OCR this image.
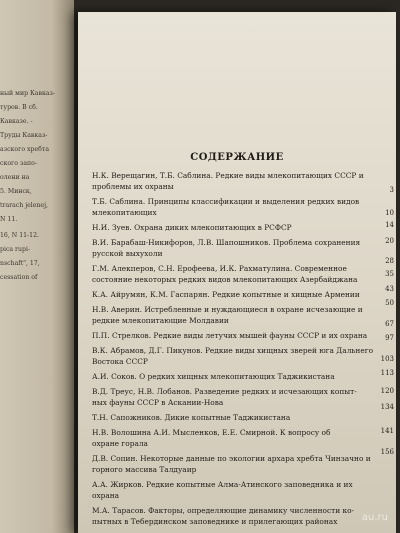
ный мир Кавказ-
туров. В сб.
Кавказе. -
Труды Кавказ-
азского хребта
ского запо-
олени на
5. Минск,
trarach jelenej,
N 11.
16, N 11-12.
pica rupi-
nschaft", 17,
cessation of
СОДЕРЖАНИЕ
Н.К. Верещагин, Т.Б. Саблина. Редкие виды млекопитающих СССР и
проблемы их охраны
Т.Б. Саблина. Принципы классификации и выделения редких видов
млекопитающих
Н.И. Зуев. Охрана диких млекопитающих в РСФСР
В.И. Барабаш-Никифоров, Л.В. Шапошников. Проблема сохранения
русской выхухоли
Г.М. Алекперов, С.Н. Ерофеева, И.К. Рахматулина. Современное
состояние некоторых редких видов млекопитающих Азербайджана
К.А. Айрумян, К.М. Гаспарян. Редкие копытные и хищные Армении
Н.В. Аверин. Истребленные и нуждающиеся в охране исчезающие и
редкие млекопитающие Молдавии
П.П. Стрелков. Редкие виды летучих мышей фауны СССР и их охрана
В.К. Абрамов, Д.Г. Пикунов. Редкие виды хищных зверей юга Дальнего
Востока СССР
А.И. Соков. О редких хищных млекопитающих Таджикистана
В.Д. Треус, Н.В. Лобанов. Разведение редких и исчезающих копыт-
ных фауны СССР в Аскании-Нова
Т.Н. Сапожников. Дикие копытные Таджикистана
Н.В. Волошина А.И. Мысленков, Е.Е. Смирной. К вопросу об
охране горала
Д.В. Сопин. Некоторые данные по экологии архара хребта Чинзачно и
горного массива Талдуаир
А.А. Жирков. Редкие копытные Алма-Атинского заповедника и их
охрана
М.А. Тарасов. Факторы, определяющие динамику численности ко-
пытных в Тебердинском заповеднике и прилегающих районах
3
10
14
20
28
35
43
50
67
97
103
113
120
134
141
156
au.ru
